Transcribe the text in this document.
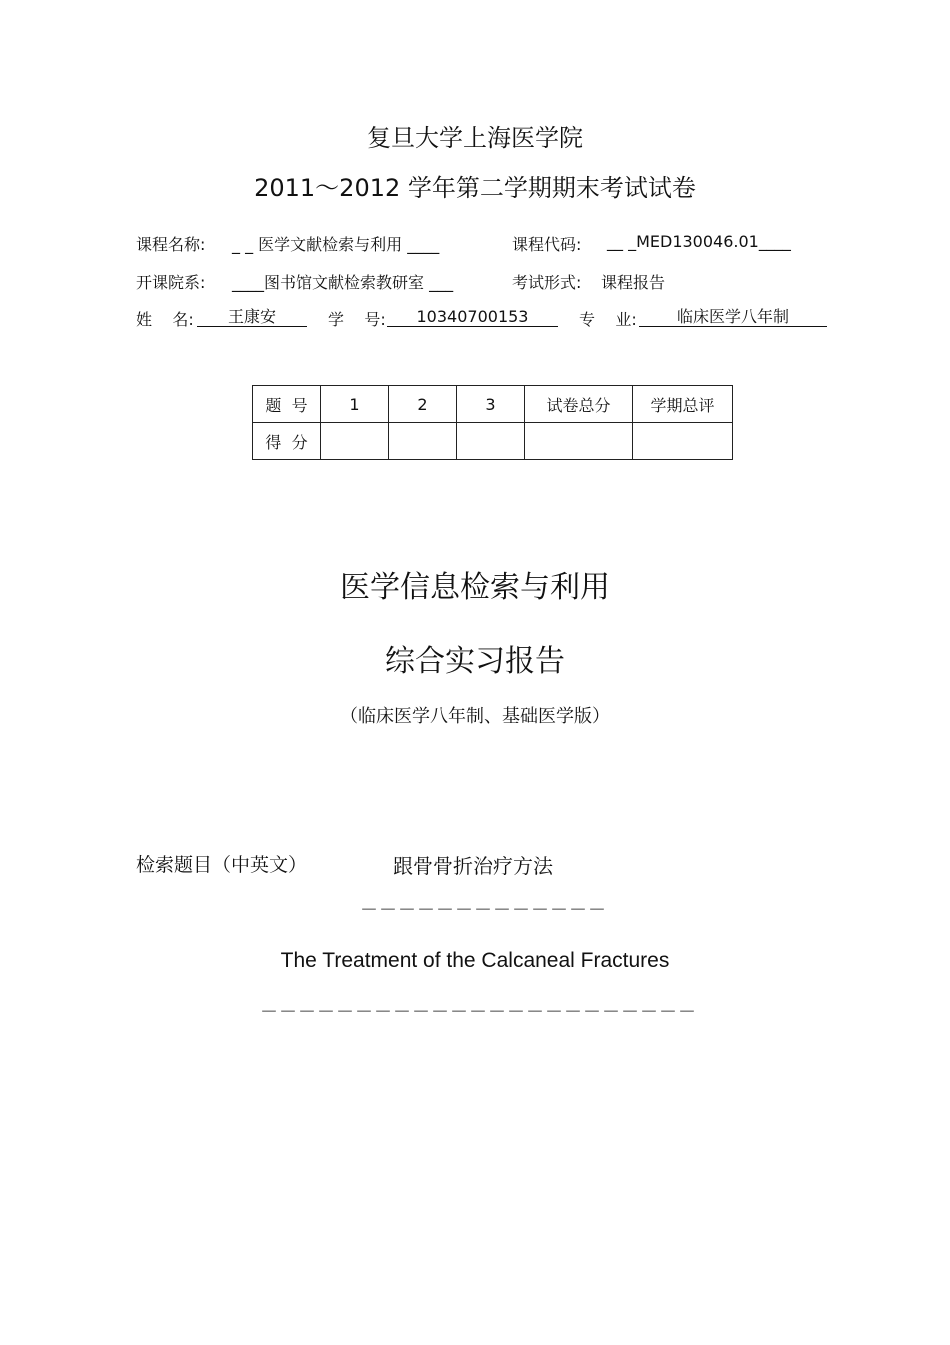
复旦大学上海医学院
2011～2012 学年第二学期期末考试试卷
课程名称: _ _ 医学文献检索与利用 ____	课程代码: __ _MED130046.01____
开课院系: ____图书馆文献检索教研室 ___	考试形式: 课程报告
姓    名:	王康安	学    号:	10340700153	专    业:	临床医学八年制
题  号	1	2	3	试卷总分	学期总评
得  分					
医学信息检索与利用
综合实习报告
（临床医学八年制、基础医学版）
检索题目（中英文）	跟骨骨折治疗方法
－－－－－－－－－－－－－
The Treatment of the Calcaneal Fractures
－－－－－－－－－－－－－－－－－－－－－－－
